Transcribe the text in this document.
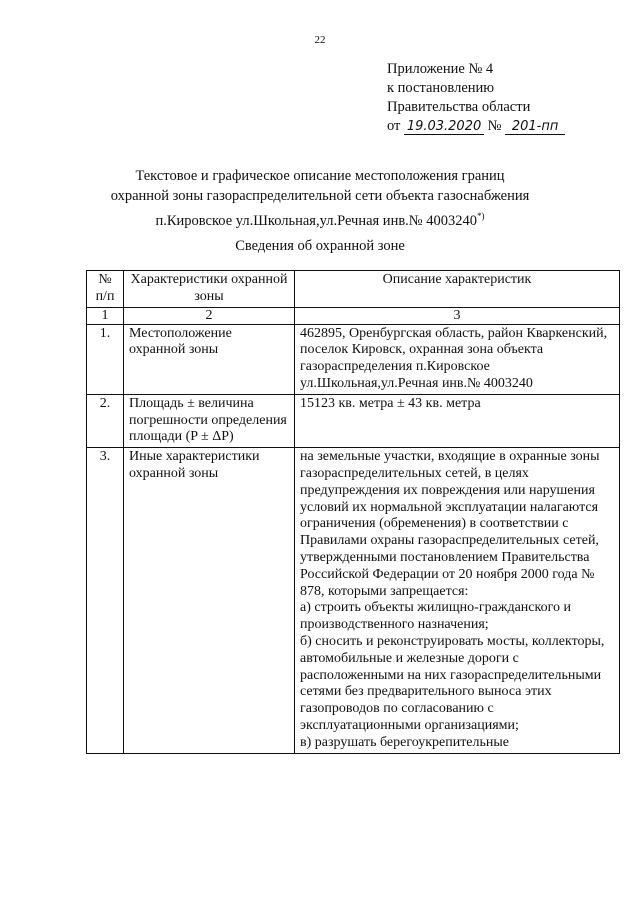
22
Приложение № 4
к постановлению
Правительства области
от 19.03.2020 № 201-пп
Текстовое и графическое описание местоположения границ
охранной зоны газораспределительной сети объекта газоснабжения
п.Кировское ул.Школьная,ул.Речная инв.№ 4003240*)
Сведения об охранной зоне
№ п/п	Характеристики охранной зоны	Описание характеристик
1	2	3
1.	Местоположение охранной зоны	462895, Оренбургская область, район Кваркенский, поселок Кировск, охранная зона объекта газораспределения п.Кировское ул.Школьная,ул.Речная инв.№ 4003240

2.	Площадь ± величина погрешности определения площади (P ± ΔP)	15123 кв. метра ± 43 кв. метра

3.	Иные характеристики охранной зоны	на земельные участки, входящие в охранные зоны газораспределительных сетей, в целях предупреждения их повреждения или нарушения условий их нормальной эксплуатации налагаются ограничения (обременения) в соответствии с Правилами охраны газораспределительных сетей, утвержденными постановлением Правительства Российской Федерации от 20 ноября 2000 года № 878, которыми запрещается:
а) строить объекты жилищно-гражданского и производственного назначения;
б) сносить и реконструировать мосты, коллекторы, автомобильные и железные дороги с расположенными на них газораспределительными сетями без предварительного выноса этих газопроводов по согласованию с эксплуатационными организациями;
в) разрушать берегоукрепительные
